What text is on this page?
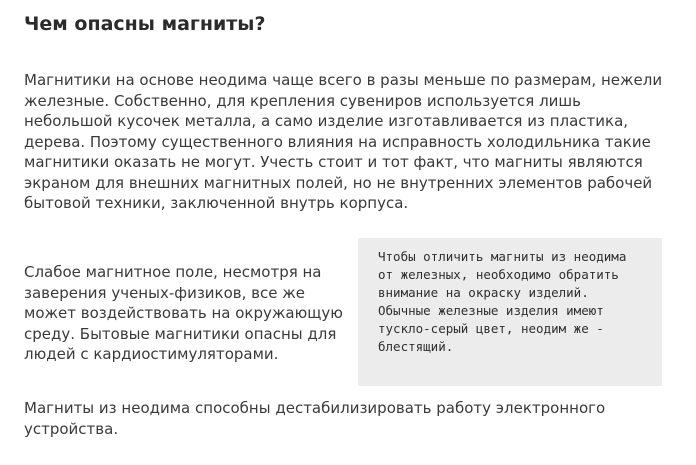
Чем опасны магниты?

Магнитики на основе неодима чаще всего в разы меньше по размерам, нежели железные. Собственно, для крепления сувениров используется лишь небольшой кусочек металла, а само изделие изготавливается из пластика, дерева. Поэтому существенного влияния на исправность холодильника такие магнитики оказать не могут. Учесть стоит и тот факт, что магниты являются экраном для внешних магнитных полей, но не внутренних элементов рабочей бытовой техники, заключенной внутрь корпуса.

Чтобы отличить магниты из неодима от железных, необходимо обратить внимание на окраску изделий. Обычные железные изделия имеют тускло-серый цвет, неодим же - блестящий.

Слабое магнитное поле, несмотря на заверения ученых-физиков, все же может воздействовать на окружающую среду. Бытовые магнитики опасны для людей с кардиостимуляторами.

Магниты из неодима способны дестабилизировать работу электронного устройства.
